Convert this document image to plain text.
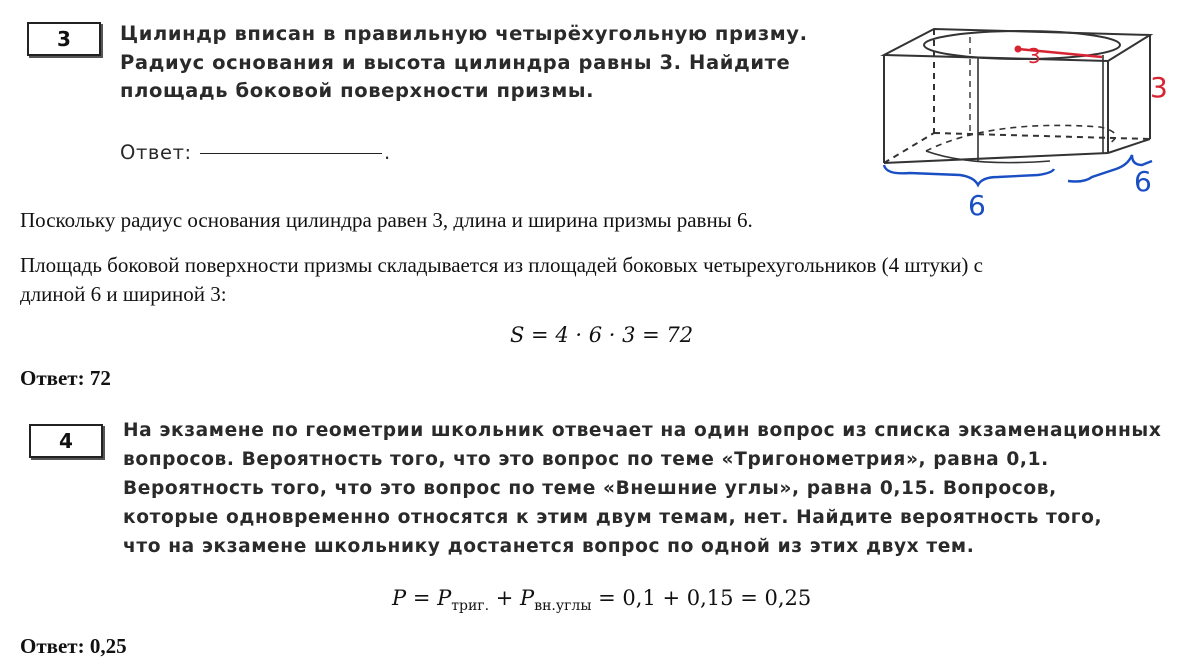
3	Цилиндр вписан в правильную четырёхугольную призму.
Радиус основания и высота цилиндра равны 3. Найдите
площадь боковой поверхности призмы.
Ответ:	.
3
3
6
6
Поскольку радиус основания цилиндра равен 3, длина и ширина призмы равны 6.
Площадь боковой поверхности призмы складывается из площадей боковых четырехугольников (4 штуки) с
длиной 6 и шириной 3:
S = 4 · 6 · 3 = 72
Ответ: 72
4	На экзамене по геометрии школьник отвечает на один вопрос из списка экзаменационных
вопросов. Вероятность того, что это вопрос по теме «Тригонометрия», равна 0,1.
Вероятность того, что это вопрос по теме «Внешние углы», равна 0,15. Вопросов,
которые одновременно относятся к этим двум темам, нет. Найдите вероятность того,
что на экзамене школьнику достанется вопрос по одной из этих двух тем.
$P = P_{триг.} + P_{вн.углы} = 0,1 + 0,15 = 0,25$
Ответ: 0,25
